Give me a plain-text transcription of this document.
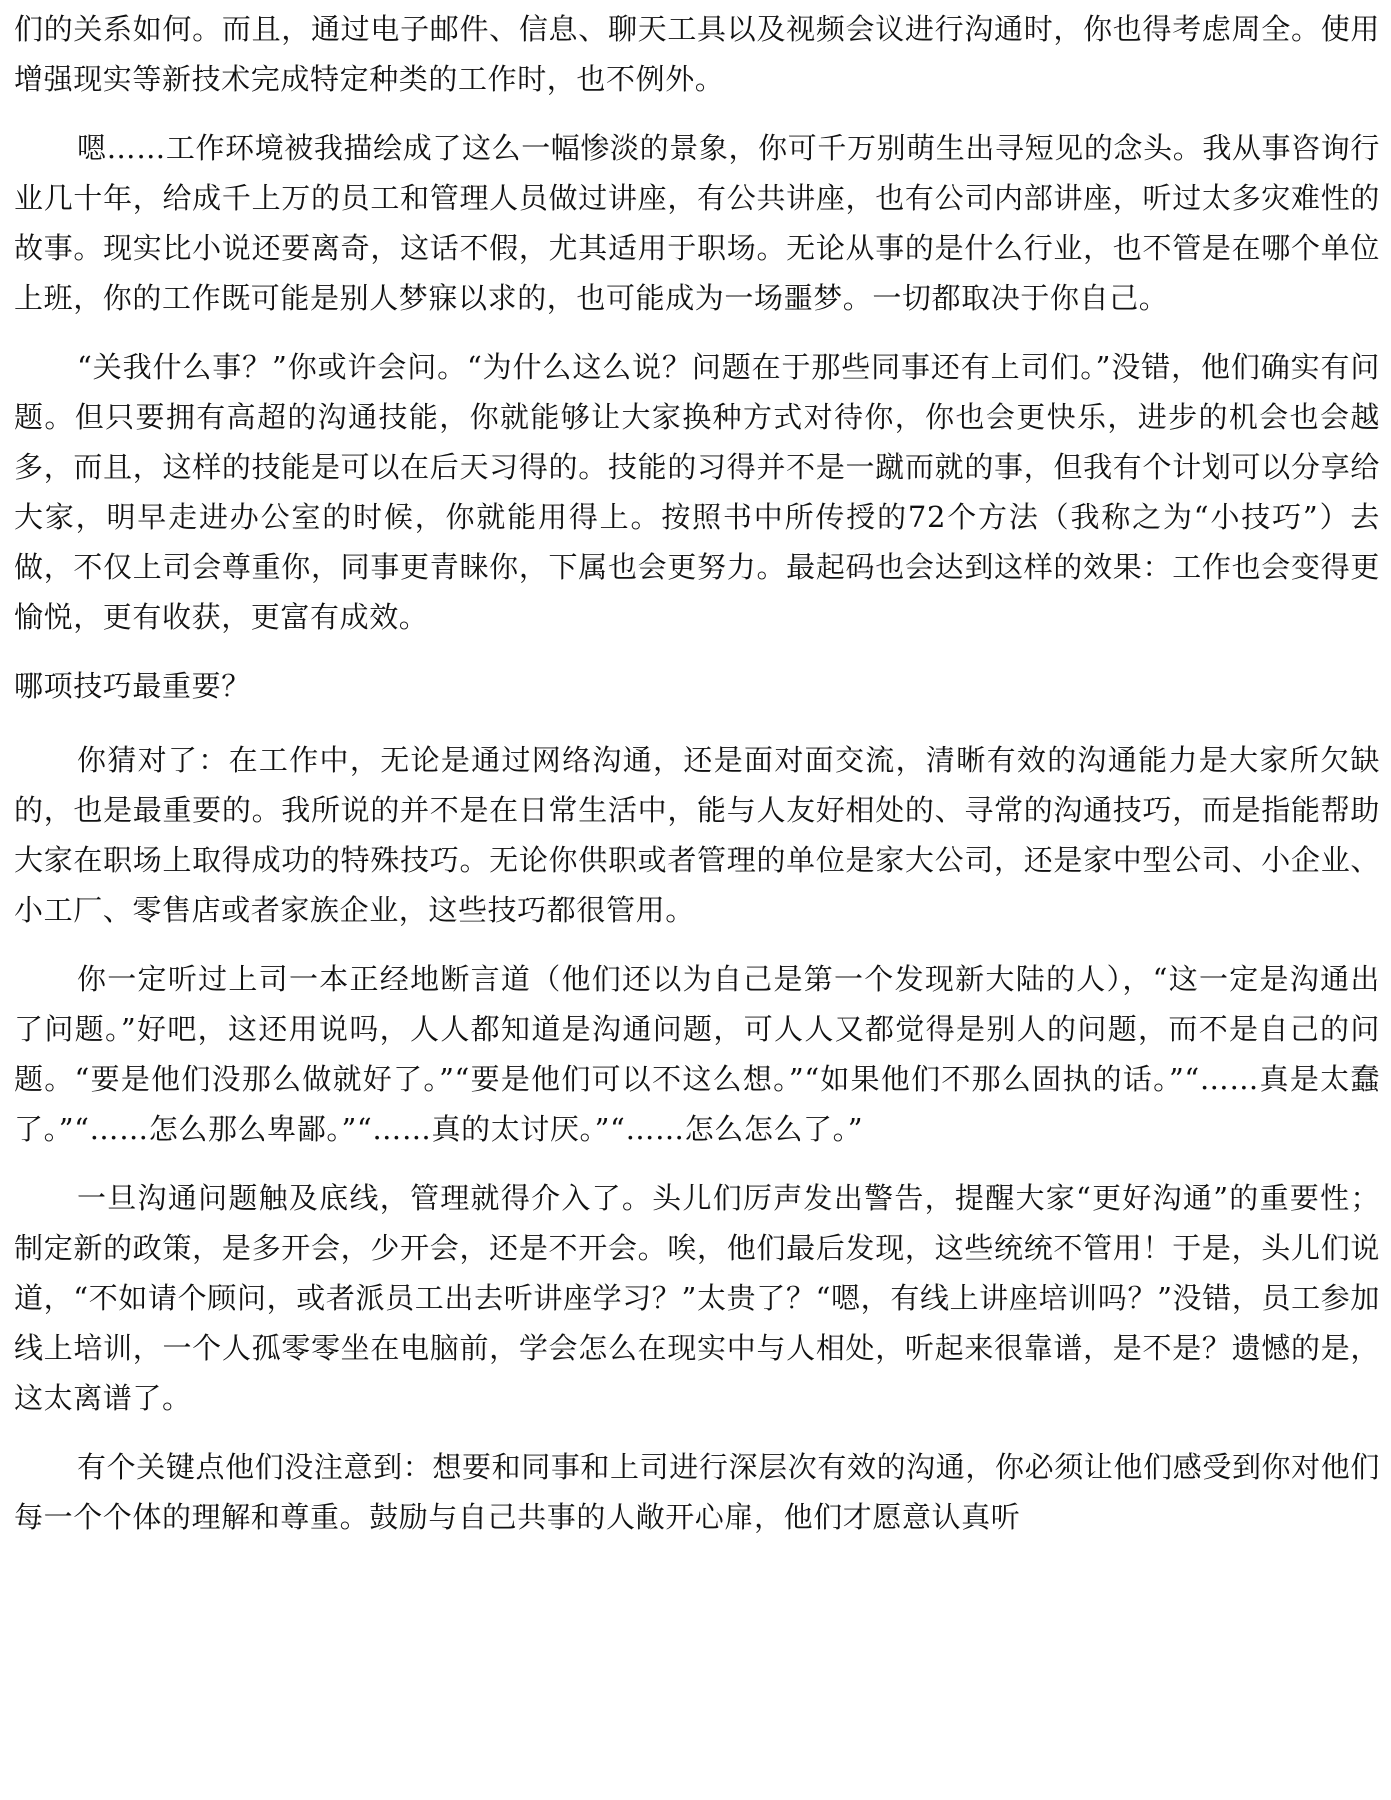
们的关系如何。而且，通过电子邮件、信息、聊天工具以及视频会议进行沟通时，你也得考虑周全。使用增强现实等新技术完成特定种类的工作时，也不例外。

嗯……工作环境被我描绘成了这么一幅惨淡的景象，你可千万别萌生出寻短见的念头。我从事咨询行业几十年，给成千上万的员工和管理人员做过讲座，有公共讲座，也有公司内部讲座，听过太多灾难性的故事。现实比小说还要离奇，这话不假，尤其适用于职场。无论从事的是什么行业，也不管是在哪个单位上班，你的工作既可能是别人梦寐以求的，也可能成为一场噩梦。一切都取决于你自己。

“关我什么事？”你或许会问。“为什么这么说？问题在于那些同事还有上司们。”没错，他们确实有问题。但只要拥有高超的沟通技能，你就能够让大家换种方式对待你，你也会更快乐，进步的机会也会越多，而且，这样的技能是可以在后天习得的。技能的习得并不是一蹴而就的事，但我有个计划可以分享给大家，明早走进办公室的时候，你就能用得上。按照书中所传授的72个方法（我称之为“小技巧”）去做，不仅上司会尊重你，同事更青睐你，下属也会更努力。最起码也会达到这样的效果：工作也会变得更愉悦，更有收获，更富有成效。

哪项技巧最重要？

你猜对了：在工作中，无论是通过网络沟通，还是面对面交流，清晰有效的沟通能力是大家所欠缺的，也是最重要的。我所说的并不是在日常生活中，能与人友好相处的、寻常的沟通技巧，而是指能帮助大家在职场上取得成功的特殊技巧。无论你供职或者管理的单位是家大公司，还是家中型公司、小企业、小工厂、零售店或者家族企业，这些技巧都很管用。

你一定听过上司一本正经地断言道（他们还以为自己是第一个发现新大陆的人），“这一定是沟通出了问题。”好吧，这还用说吗，人人都知道是沟通问题，可人人又都觉得是别人的问题，而不是自己的问题。“要是他们没那么做就好了。”“要是他们可以不这么想。”“如果他们不那么固执的话。”“……真是太蠢了。”“……怎么那么卑鄙。”“……真的太讨厌。”“……怎么怎么了。”

一旦沟通问题触及底线，管理就得介入了。头儿们厉声发出警告，提醒大家“更好沟通”的重要性；制定新的政策，是多开会，少开会，还是不开会。唉，他们最后发现，这些统统不管用！于是，头儿们说道，“不如请个顾问，或者派员工出去听讲座学习？”太贵了？“嗯，有线上讲座培训吗？”没错，员工参加线上培训，一个人孤零零坐在电脑前，学会怎么在现实中与人相处，听起来很靠谱，是不是？遗憾的是，这太离谱了。

有个关键点他们没注意到：想要和同事和上司进行深层次有效的沟通，你必须让他们感受到你对他们每一个个体的理解和尊重。鼓励与自己共事的人敞开心扉，他们才愿意认真听
